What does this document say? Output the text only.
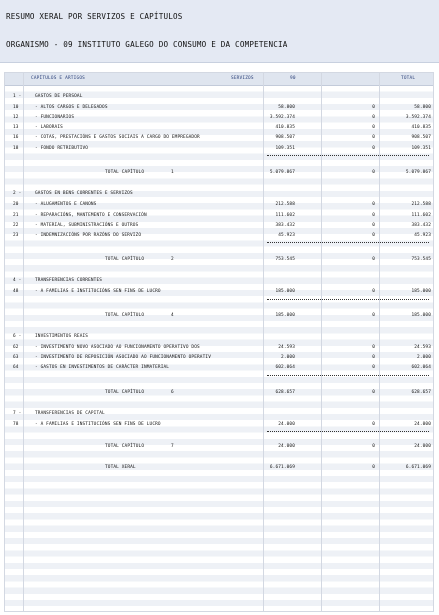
RESUMO XERAL POR SERVIZOS E CAPÍTULOS
ORGANISMO - 09 INSTITUTO GALEGO DO CONSUMO E DA COMPETENCIA
CAPÍTULOS E ARTIGOS	SERVIZOS	90	TOTAL
1 -	GASTOS DE PERSOAL
10	- ALTOS CARGOS E DELEGADOS	58.800	0	58.800
12	- FUNCIONARIOS	3.592.374	0	3.592.374
13	- LABORAIS	410.835	0	410.835
16	- COTAS, PRESTACIÓNS E GASTOS SOCIAIS A CARGO DO EMPREGADOR	908.507	0	908.507
18	- FONDO RETRIBUTIVO	109.351	0	109.351
TOTAL CAPÍTULO	1	5.079.867	0	5.079.867
2 -	GASTOS EN BENS CORRENTES E SERVIZOS
20	- ALUGAMENTOS E CANONS	212.588	0	212.588
21	- REPARACIÓNS, MANTEMENTO E CONSERVACIÓN	111.602	0	111.602
22	- MATERIAL, SUBMINISTRACIÓNS E OUTROS	383.432	0	383.432
23	- INDEMNIZACIÓNS POR RAZÓNS DO SERVIZO	45.923	0	45.923
TOTAL CAPÍTULO	2	753.545	0	753.545
4 -	TRANSFERENCIAS CORRENTES
48	- A FAMILIAS E INSTITUCIÓNS SEN FINS DE LUCRO	185.000	0	185.000
TOTAL CAPÍTULO	4	185.000	0	185.000
6 -	INVESTIMENTOS REAIS
62	- INVESTIMENTO NOVO ASOCIADO AO FUNCIONAMENTO OPERATIVO DOS	24.593	0	24.593
63	- INVESTIMENTO DE REPOSICIÓN ASOCIADO AO FUNCIONAMENTO OPERATIV	2.000	0	2.000
64	- GASTOS EN INVESTIMENTOS DE CARÁCTER INMATERIAL	602.064	0	602.064
TOTAL CAPÍTULO	6	628.657	0	628.657
7 -	TRANSFERENCIAS DE CAPITAL
78	- A FAMILIAS E INSTITUCIÓNS SEN FINS DE LUCRO	24.000	0	24.000
TOTAL CAPÍTULO	7	24.000	0	24.000
TOTAL XERAL	6.671.069	0	6.671.069
